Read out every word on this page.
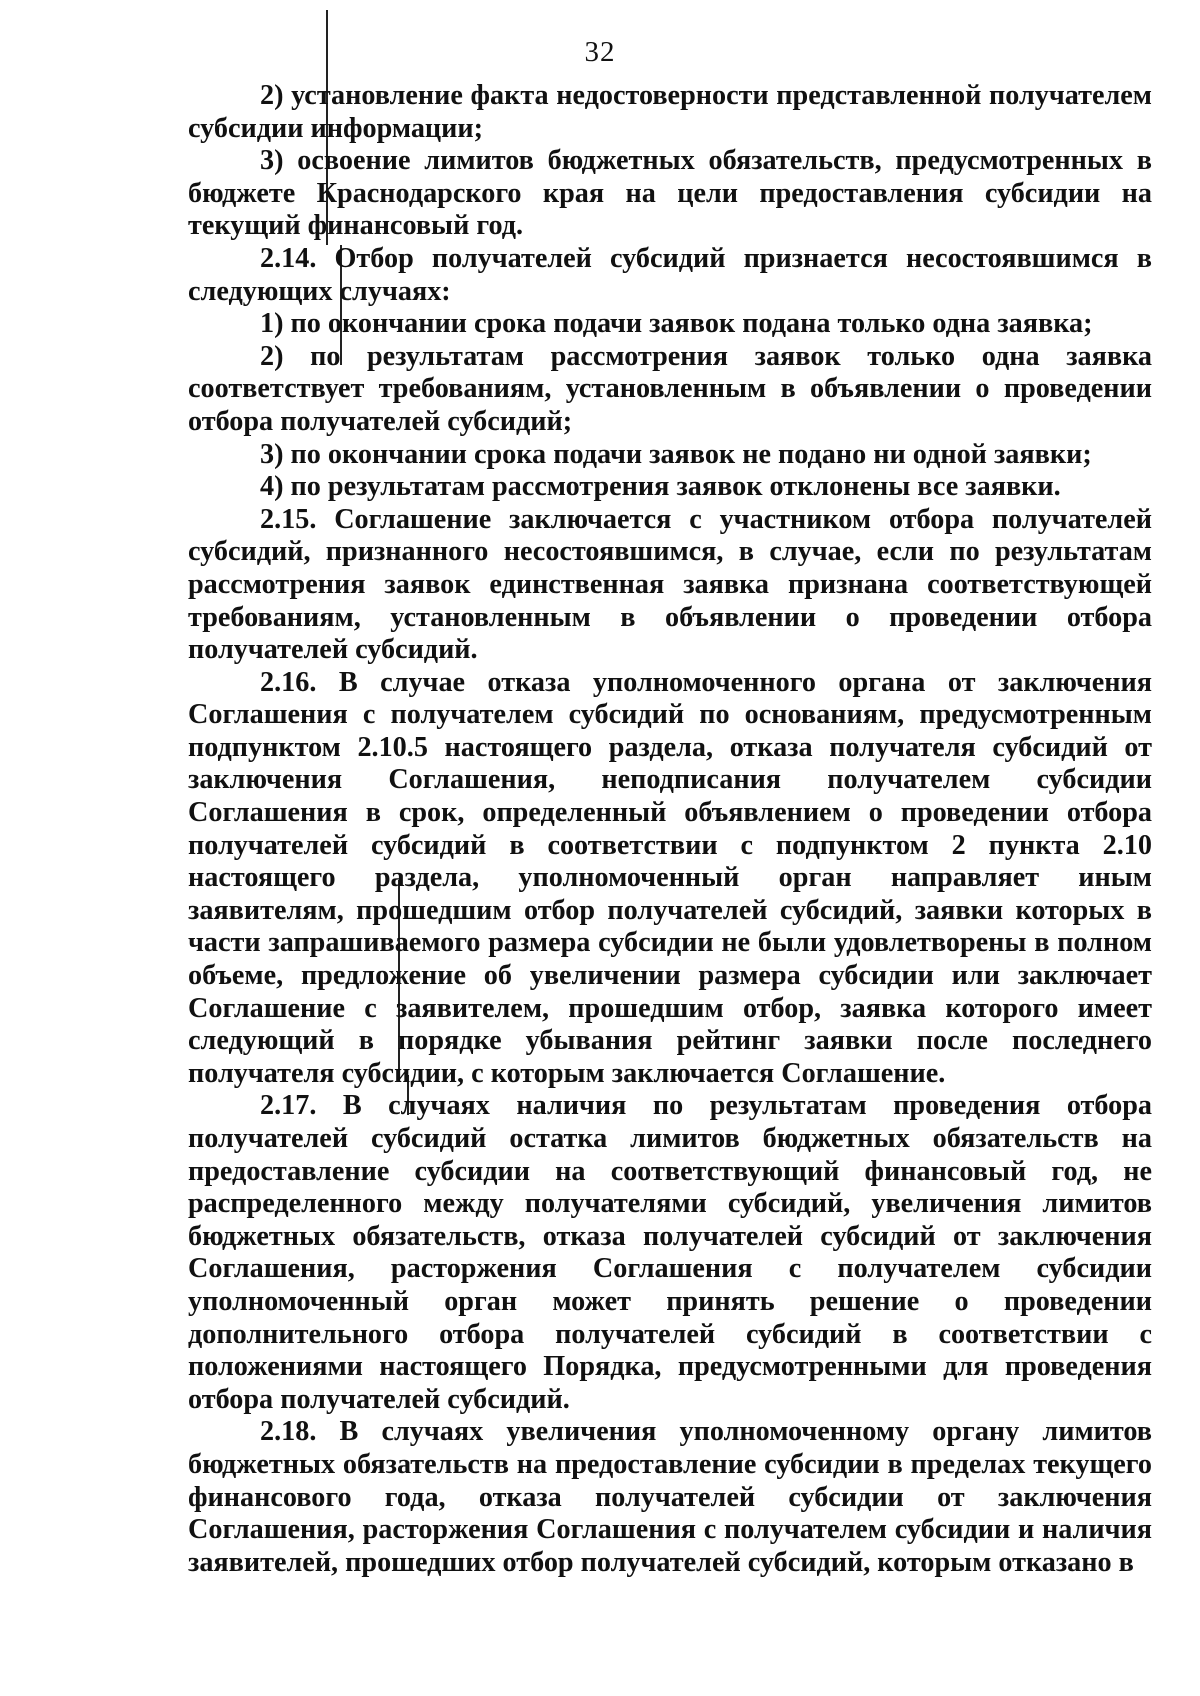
32

2) установление факта недостоверности представленной получателем субсидии информации;

3) освоение лимитов бюджетных обязательств, предусмотренных в бюджете Краснодарского края на цели предоставления субсидии на текущий финансовый год.

2.14. Отбор получателей субсидий признается несостоявшимся в следующих случаях:

1) по окончании срока подачи заявок подана только одна заявка;

2) по результатам рассмотрения заявок только одна заявка соответствует требованиям, установленным в объявлении о проведении отбора получателей субсидий;

3) по окончании срока подачи заявок не подано ни одной заявки;

4) по результатам рассмотрения заявок отклонены все заявки.

2.15. Соглашение заключается с участником отбора получателей субсидий, признанного несостоявшимся, в случае, если по результатам рассмотрения заявок единственная заявка признана соответствующей требованиям, установленным в объявлении о проведении отбора получателей субсидий.

2.16. В случае отказа уполномоченного органа от заключения Соглашения с получателем субсидий по основаниям, предусмотренным подпунктом 2.10.5 настоящего раздела, отказа получателя субсидий от заключения Соглашения, неподписания получателем субсидии Соглашения в срок, определенный объявлением о проведении отбора получателей субсидий в соответствии с подпунктом 2 пункта 2.10 настоящего раздела, уполномоченный орган направляет иным заявителям, прошедшим отбор получателей субсидий, заявки которых в части запрашиваемого размера субсидии не были удовлетворены в полном объеме, предложение об увеличении размера субсидии или заключает Соглашение с заявителем, прошедшим отбор, заявка которого имеет следующий в порядке убывания рейтинг заявки после последнего получателя субсидии, с которым заключается Соглашение.

2.17. В случаях наличия по результатам проведения отбора получателей субсидий остатка лимитов бюджетных обязательств на предоставление субсидии на соответствующий финансовый год, не распределенного между получателями субсидий, увеличения лимитов бюджетных обязательств, отказа получателей субсидий от заключения Соглашения, расторжения Соглашения с получателем субсидии уполномоченный орган может принять решение о проведении дополнительного отбора получателей субсидий в соответствии с положениями настоящего Порядка, предусмотренными для проведения отбора получателей субсидий.

2.18. В случаях увеличения уполномоченному органу лимитов бюджетных обязательств на предоставление субсидии в пределах текущего финансового года, отказа получателей субсидии от заключения Соглашения, расторжения Соглашения с получателем субсидии и наличия заявителей, прошедших отбор получателей субсидий, которым отказано в
